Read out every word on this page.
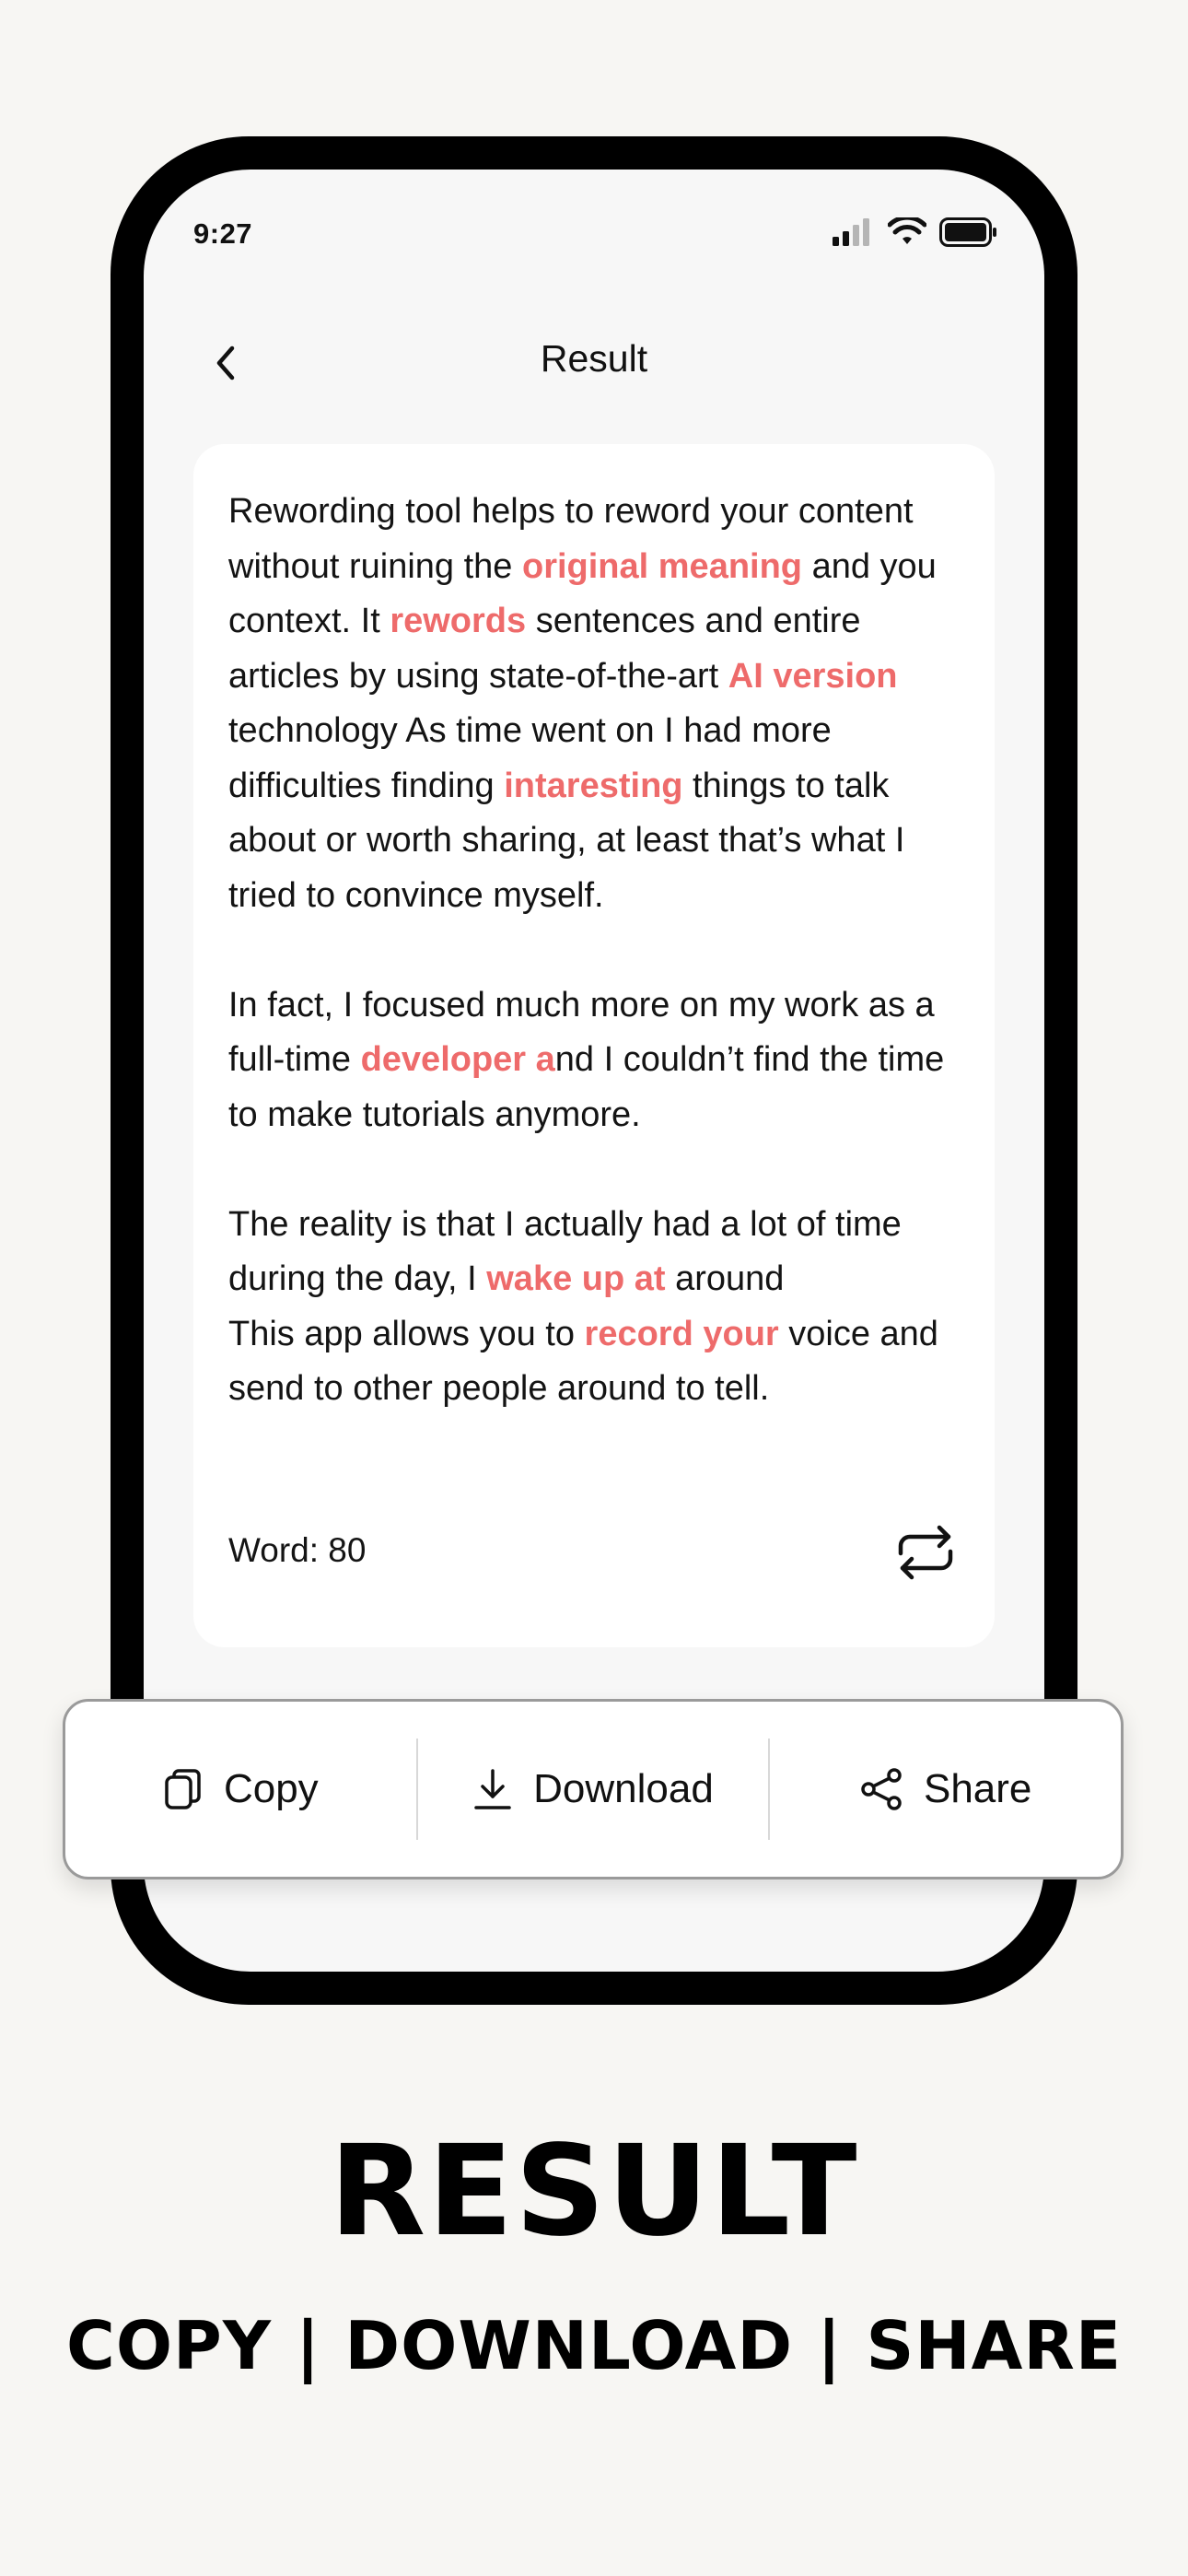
9:27
Result

Rewording tool helps to reword your content without ruining the original meaning and you context. It rewords sentences and entire articles by using state-of-the-art AI version technology As time went on I had more difficulties finding intaresting things to talk about or worth sharing, at least that’s what I tried to convince myself.

In fact, I focused much more on my work as a full-time developer and I couldn’t find the time to make tutorials anymore.

The reality is that I actually had a lot of time during the day, I wake up at around
This app allows you to record your voice and send to other people around to tell.

Word: 80
Copy	Download	Share
RESULT
COPY | DOWNLOAD | SHARE
